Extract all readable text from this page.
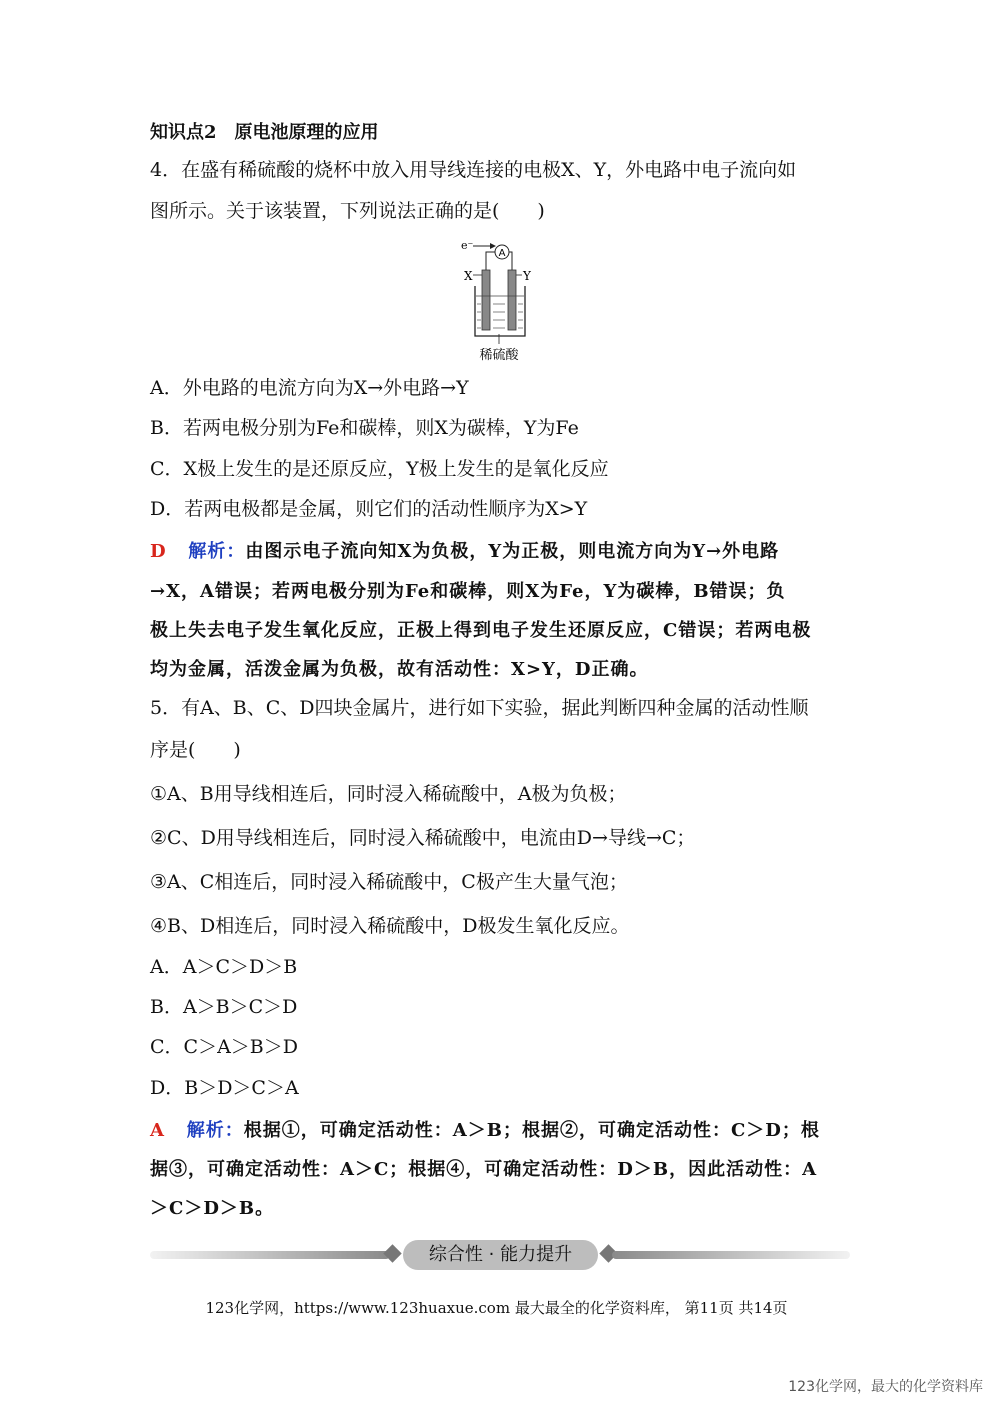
知识点2　原电池原理的应用
4．在盛有稀硫酸的烧杯中放入用导线连接的电极X、Y，外电路中电子流向如
图所示。关于该装置，下列说法正确的是(　　)
e⁻
A
X	Y
稀硫酸
A．外电路的电流方向为X→外电路→Y
B．若两电极分别为Fe和碳棒，则X为碳棒，Y为Fe
C．X极上发生的是还原反应，Y极上发生的是氧化反应
D．若两电极都是金属，则它们的活动性顺序为X>Y
D 解析：由图示电子流向知X为负极，Y为正极，则电流方向为Y→外电路
→X，A错误；若两电极分别为Fe和碳棒，则X为Fe，Y为碳棒，B错误；负
极上失去电子发生氧化反应，正极上得到电子发生还原反应，C错误；若两电极
均为金属，活泼金属为负极，故有活动性：X>Y，D正确。
5．有A、B、C、D四块金属片，进行如下实验，据此判断四种金属的活动性顺
序是(　　)
①A、B用导线相连后，同时浸入稀硫酸中，A极为负极；
②C、D用导线相连后，同时浸入稀硫酸中，电流由D→导线→C；
③A、C相连后，同时浸入稀硫酸中，C极产生大量气泡；
④B、D相连后，同时浸入稀硫酸中，D极发生氧化反应。
A．A＞C＞D＞B
B．A＞B＞C＞D
C．C＞A＞B＞D
D．B＞D＞C＞A
A 解析：根据①，可确定活动性：A＞B；根据②，可确定活动性：C＞D；根
据③，可确定活动性：A＞C；根据④，可确定活动性：D＞B，因此活动性：A
＞C＞D＞B。
综合性 · 能力提升
123化学网，https://www.123huaxue.com 最大最全的化学资料库， 第11页 共14页
123化学网，最大的化学资料库
